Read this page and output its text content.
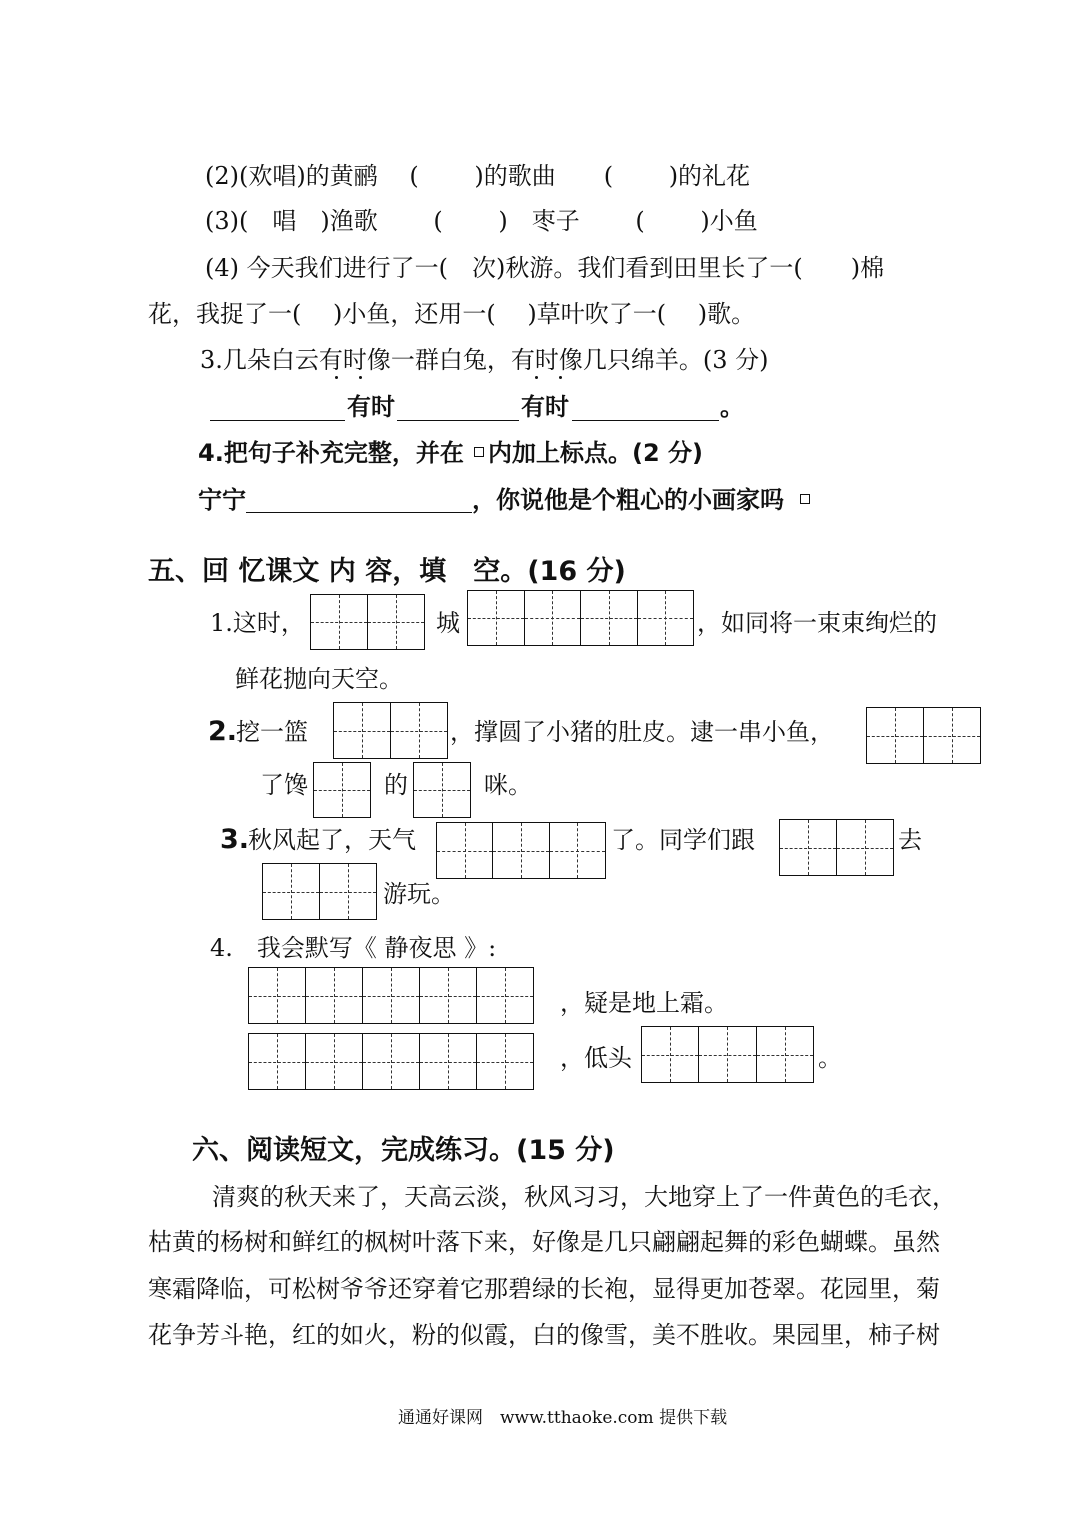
(2)(欢唱)的黄鹂　 (　　 )的歌曲　　(　　 )的礼花
(3)(　唱　)渔歌　　 (　　 )　枣子　　 (　　 )小鱼
(4) 今天我们进行了一(　次)秋游。我们看到田里长了一(　　)棉
花，我捉了一(　 )小鱼，还用一(　 )草叶吹了一(　 )歌。
3.几朵白云有时像一群白兔，有时像几只绵羊。(3 分)
有时	有时	。
4.把句子补充完整，并在 内加上标点。(2 分)
宁宁	，你说他是个粗心的小画家吗
五、回 忆课文 内 容，填　空。(16 分)
1.这时，	城	，如同将一束束绚烂的
鲜花抛向天空。
2.
挖一篮	，撑圆了小猪的肚皮。逮一串小鱼，
了馋	的	咪。
3.
秋风起了，天气	了。同学们跟	去
游玩。
4.　我会默写《 静夜思 》:
，疑是地上霜。
，低头	。
六、阅读短文，完成练习。(15 分)
清爽的秋天来了，天高云淡，秋风习习，大地穿上了一件黄色的毛衣，
枯黄的杨树和鲜红的枫树叶落下来，好像是几只翩翩起舞的彩色蝴蝶。虽然
寒霜降临，可松树爷爷还穿着它那碧绿的长袍，显得更加苍翠。花园里，菊
花争芳斗艳，红的如火，粉的似霞，白的像雪，美不胜收。果园里，柿子树
通通好课网　www.tthaoke.com 提供下载
